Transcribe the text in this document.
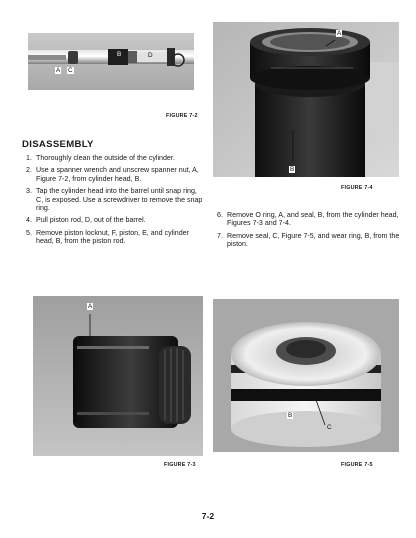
A C
B	D
FIGURE 7-2
DISASSEMBLY
1. Thoroughly clean the outside of the cylinder.
2. Use a spanner wrench and unscrew spanner nut, A, Figure 7-2, from cylinder head, B.
3. Tap the cylinder head into the barrel until snap ring, C, is exposed. Use a screwdriver to remove the snap ring.
4. Pull piston rod, D, out of the barrel.
5. Remove piston locknut, F, piston, E, and cylinder head, B, from the piston rod.
6. Remove O ring, A, and seal, B, from the cylinder head, Figures 7-3 and 7-4.
7. Remove seal, C, Figure 7-5, and wear ring, B, from the piston.
A
B
FIGURE 7-4
A
FIGURE 7-3
B
C
FIGURE 7-5
7-2
